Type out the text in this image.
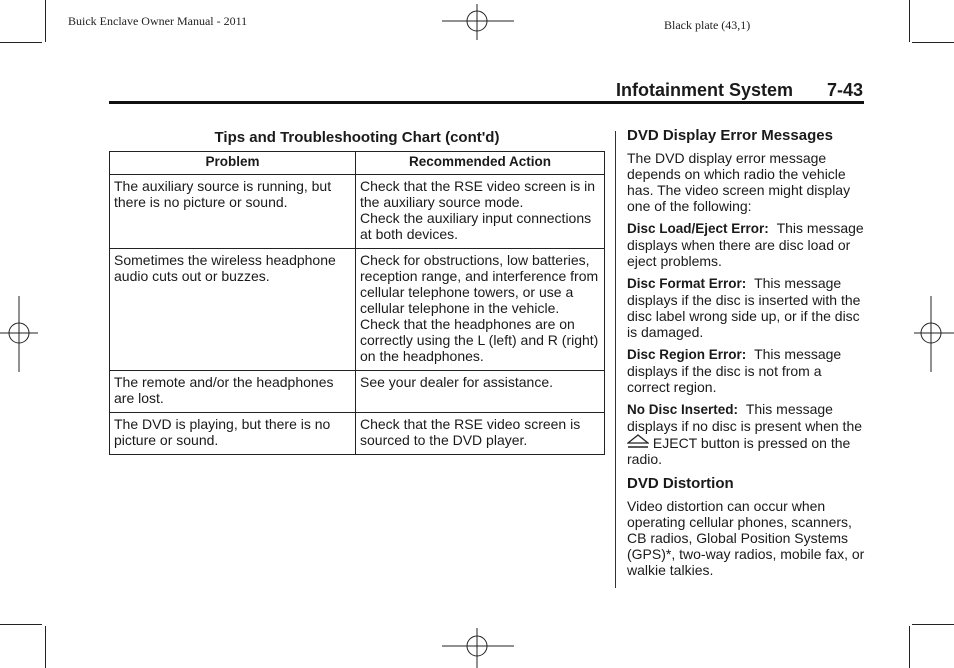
Buick Enclave Owner Manual - 2011	Black plate (43,1)
Infotainment System 7-43
Tips and Troubleshooting Chart (cont'd)
Problem	Recommended Action
The auxiliary source is running, but there is no picture or sound.	Check that the RSE video screen is in the auxiliary source mode.
Check the auxiliary input connections at both devices.

Sometimes the wireless headphone audio cuts out or buzzes.	Check for obstructions, low batteries, reception range, and interference from cellular telephone towers, or use a cellular telephone in the vehicle.
Check that the headphones are on correctly using the L (left) and R (right) on the headphones.

The remote and/or the headphones are lost.	See your dealer for assistance.

The DVD is playing, but there is no picture or sound.	Check that the RSE video screen is sourced to the DVD player.
DVD Display Error Messages

The DVD display error message depends on which radio the vehicle has. The video screen might display one of the following:

Disc Load/Eject Error: This message displays when there are disc load or eject problems.

Disc Format Error: This message displays if the disc is inserted with the disc label wrong side up, or if the disc is damaged.

Disc Region Error: This message displays if the disc is not from a correct region.

No Disc Inserted: This message displays if no disc is present when the  EJECT button is pressed on the radio.

DVD Distortion

Video distortion can occur when operating cellular phones, scanners, CB radios, Global Position Systems (GPS)*, two-way radios, mobile fax, or walkie talkies.
